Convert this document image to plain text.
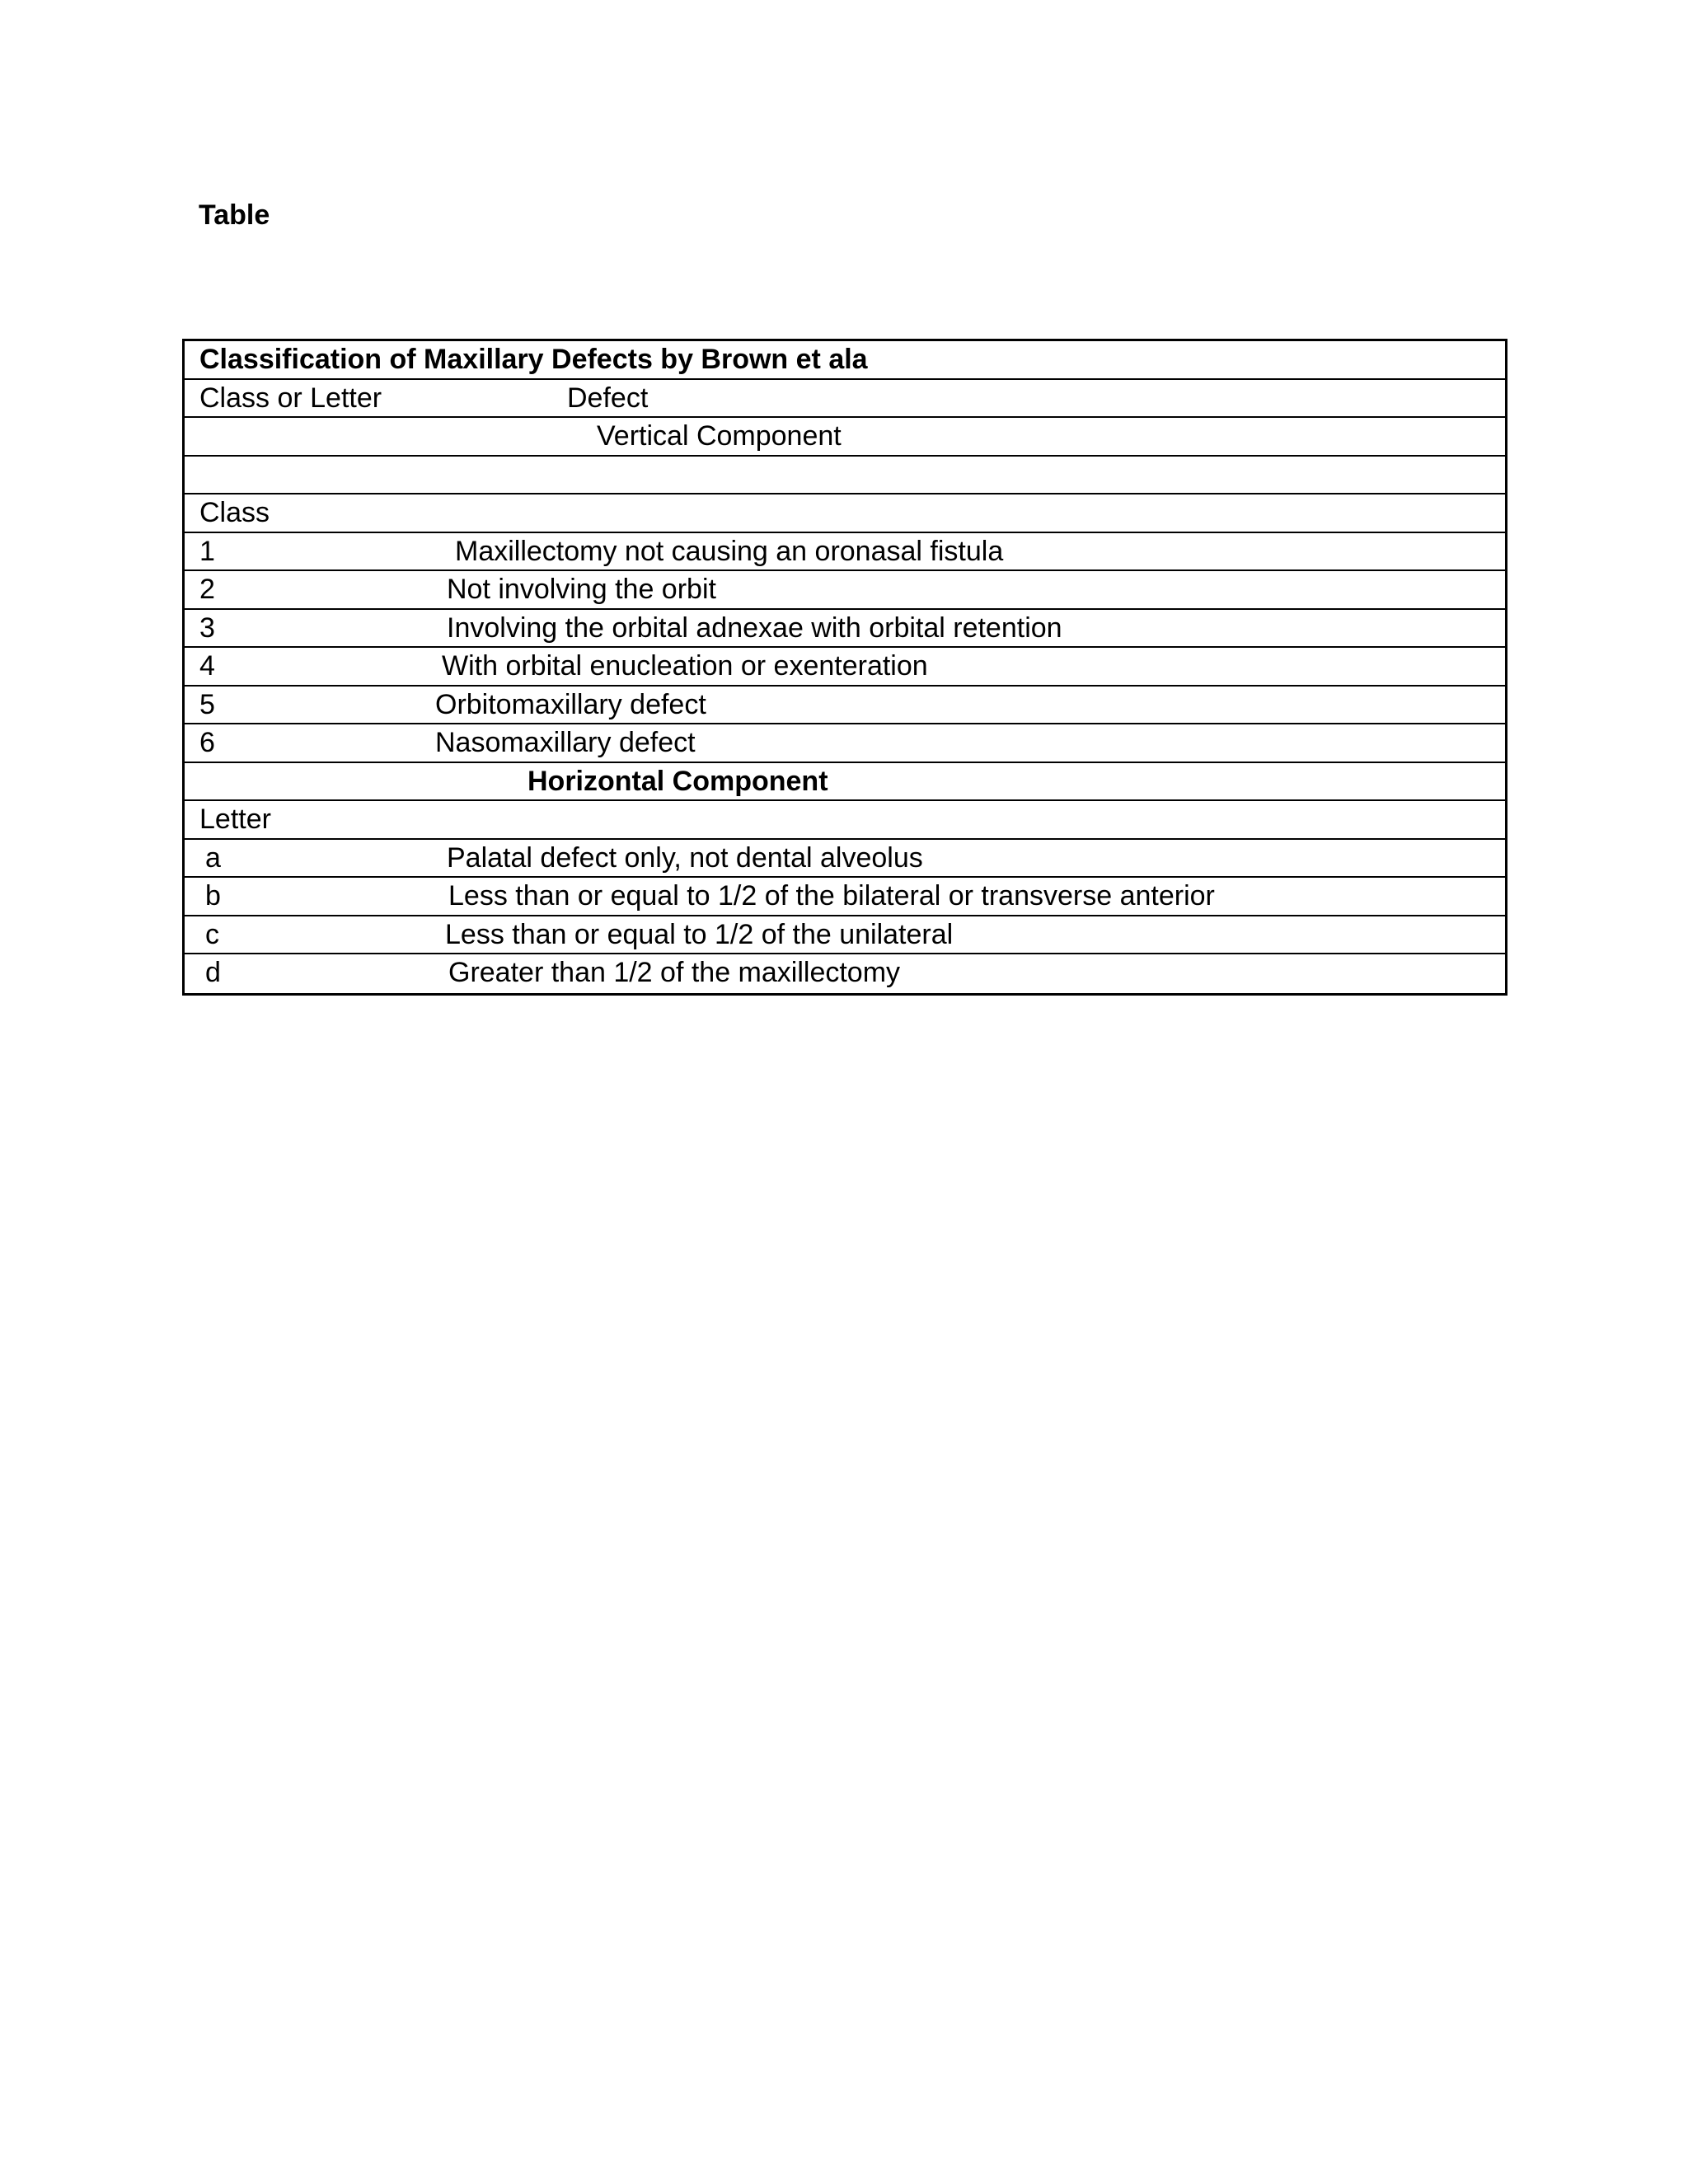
Table
Classification of Maxillary Defects by Brown et ala
Class or Letter	Defect
Vertical Component
Class
1	Maxillectomy not causing an oronasal fistula
2	Not involving the orbit
3	Involving the orbital adnexae with orbital retention
4	With orbital enucleation or exenteration
5	Orbitomaxillary defect
6	Nasomaxillary defect
Horizontal Component
Letter
a	Palatal defect only, not dental alveolus
b	Less than or equal to 1/2 of the bilateral or transverse anterior
c	Less than or equal to 1/2 of the unilateral
d	Greater than 1/2 of the maxillectomy
